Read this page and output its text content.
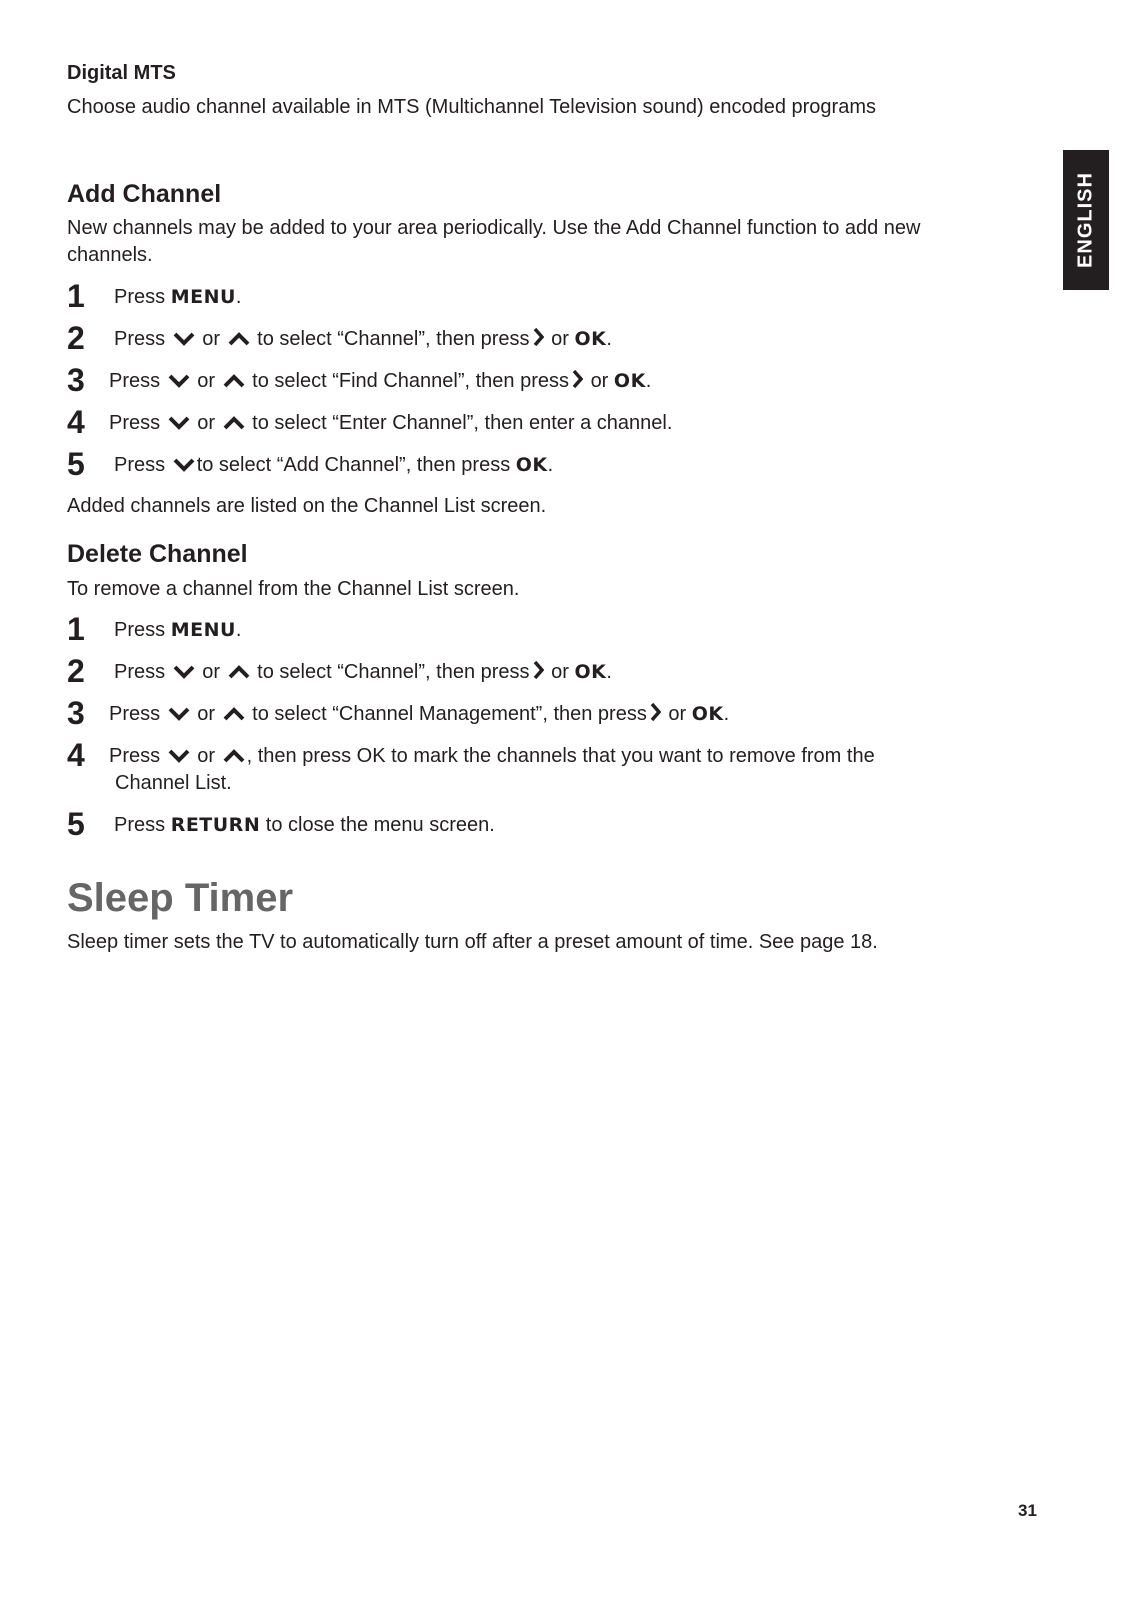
ENGLISH
Digital MTS
Choose audio channel available in MTS (Multichannel Television sound) encoded programs
Add Channel
New channels may be added to your area periodically. Use the Add Channel function to add new channels.
1 Press MENU.
2 Press or to select “Channel”, then press or OK.
3 Press or to select “Find Channel”, then press or OK.
4 Press or to select “Enter Channel”, then enter a channel.
5 Press to select “Add Channel”, then press OK.
Added channels are listed on the Channel List screen.
Delete Channel
To remove a channel from the Channel List screen.
1 Press MENU.
2 Press or to select “Channel”, then press or OK.
3 Press or to select “Channel Management”, then press or OK.
4 Press or , then press OK to mark the channels that you want to remove from the
Channel List.
5 Press RETURN to close the menu screen.
Sleep Timer
Sleep timer sets the TV to automatically turn off after a preset amount of time. See page 18.
31
